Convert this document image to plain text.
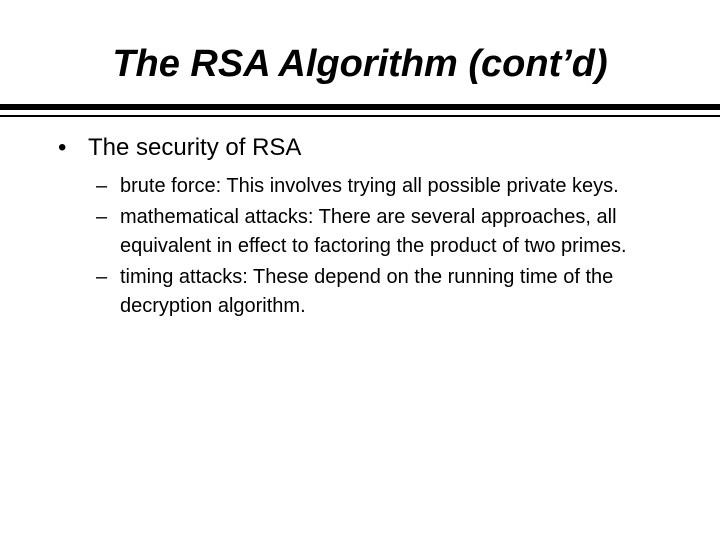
The RSA Algorithm (cont’d)
• The security of RSA
– brute force: This involves trying all possible private keys.
– mathematical attacks: There are several approaches, all equivalent in effect to factoring the product of two primes.
– timing attacks: These depend on the running time of the decryption algorithm.
